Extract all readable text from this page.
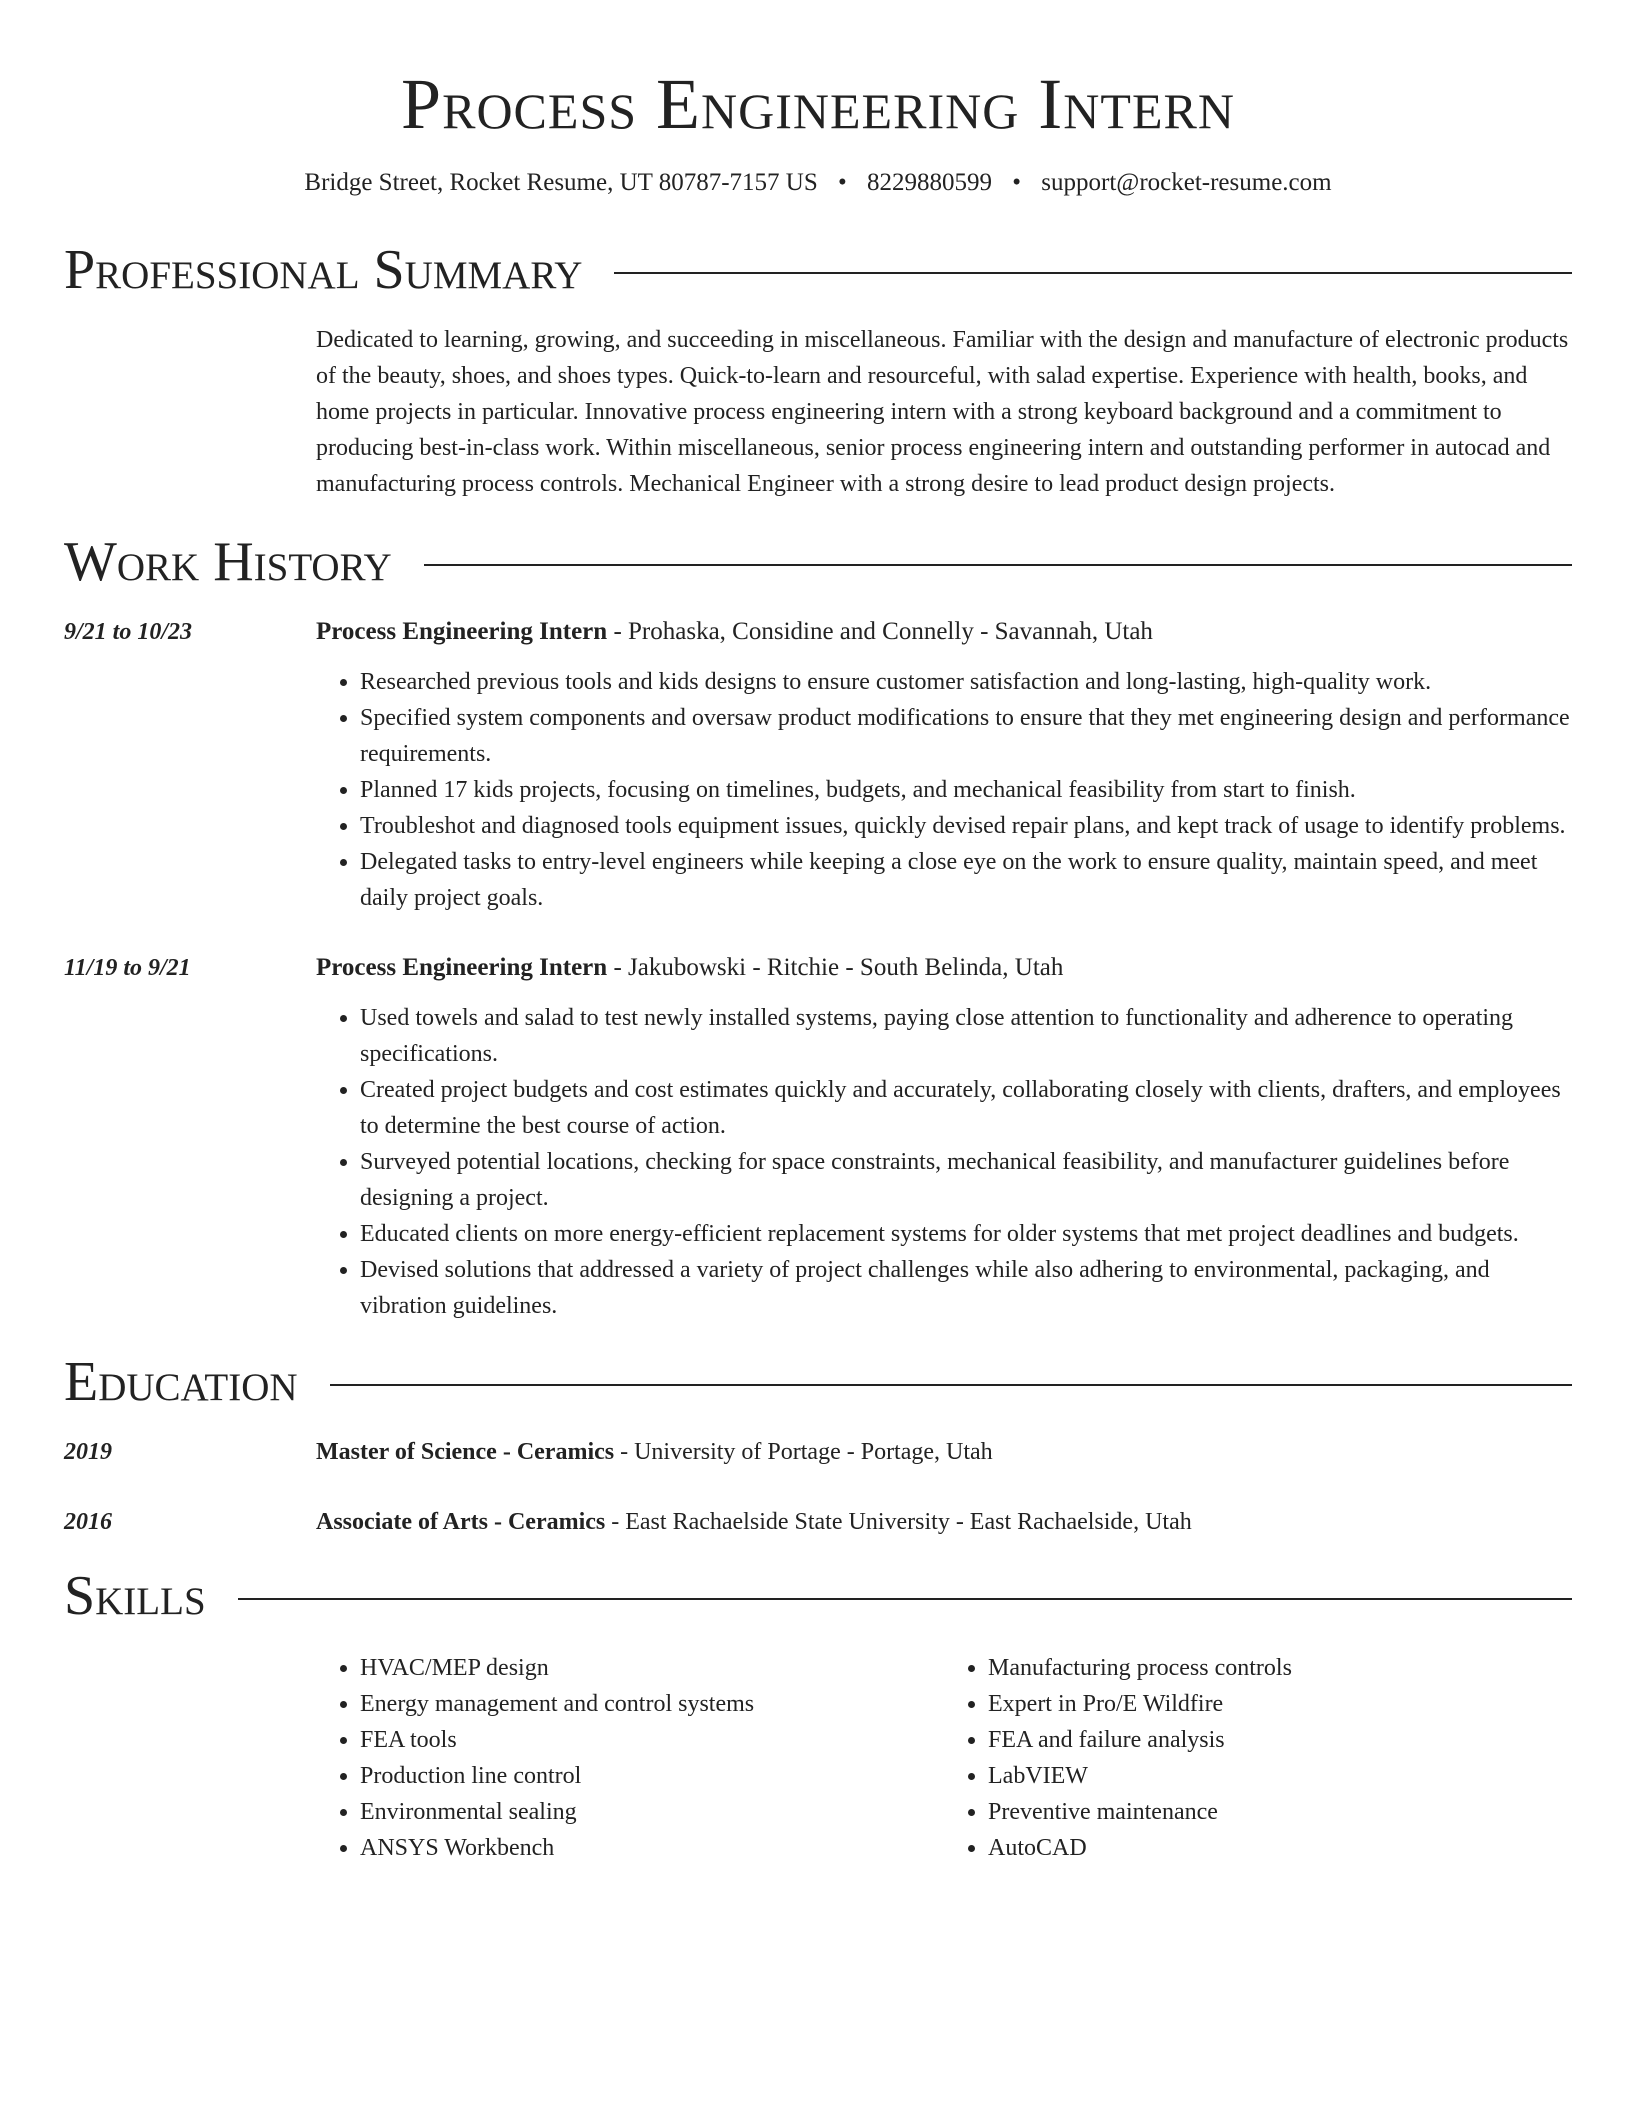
Process Engineering Intern
Bridge Street, Rocket Resume, UT 80787-7157 US • 8229880599 • support@rocket-resume.com
Professional Summary
Dedicated to learning, growing, and succeeding in miscellaneous. Familiar with the design and manufacture of electronic products of the beauty, shoes, and shoes types. Quick-to-learn and resourceful, with salad expertise. Experience with health, books, and home projects in particular. Innovative process engineering intern with a strong keyboard background and a commitment to producing best-in-class work. Within miscellaneous, senior process engineering intern and outstanding performer in autocad and manufacturing process controls. Mechanical Engineer with a strong desire to lead product design projects.
Work History
9/21 to 10/23	Process Engineering Intern - Prohaska, Considine and Connelly - Savannah, Utah
• Researched previous tools and kids designs to ensure customer satisfaction and long-lasting, high-quality work.
• Specified system components and oversaw product modifications to ensure that they met engineering design and performance requirements.
• Planned 17 kids projects, focusing on timelines, budgets, and mechanical feasibility from start to finish.
• Troubleshot and diagnosed tools equipment issues, quickly devised repair plans, and kept track of usage to identify problems.
• Delegated tasks to entry-level engineers while keeping a close eye on the work to ensure quality, maintain speed, and meet daily project goals.
11/19 to 9/21	Process Engineering Intern - Jakubowski - Ritchie - South Belinda, Utah
• Used towels and salad to test newly installed systems, paying close attention to functionality and adherence to operating specifications.
• Created project budgets and cost estimates quickly and accurately, collaborating closely with clients, drafters, and employees to determine the best course of action.
• Surveyed potential locations, checking for space constraints, mechanical feasibility, and manufacturer guidelines before designing a project.
• Educated clients on more energy-efficient replacement systems for older systems that met project deadlines and budgets.
• Devised solutions that addressed a variety of project challenges while also adhering to environmental, packaging, and vibration guidelines.
Education
2019	Master of Science - Ceramics - University of Portage - Portage, Utah
2016	Associate of Arts - Ceramics - East Rachaelside State University - East Rachaelside, Utah
Skills
• HVAC/MEP design
• Energy management and control systems
• FEA tools
• Production line control
• Environmental sealing
• ANSYS Workbench
• Manufacturing process controls
• Expert in Pro/E Wildfire
• FEA and failure analysis
• LabVIEW
• Preventive maintenance
• AutoCAD
